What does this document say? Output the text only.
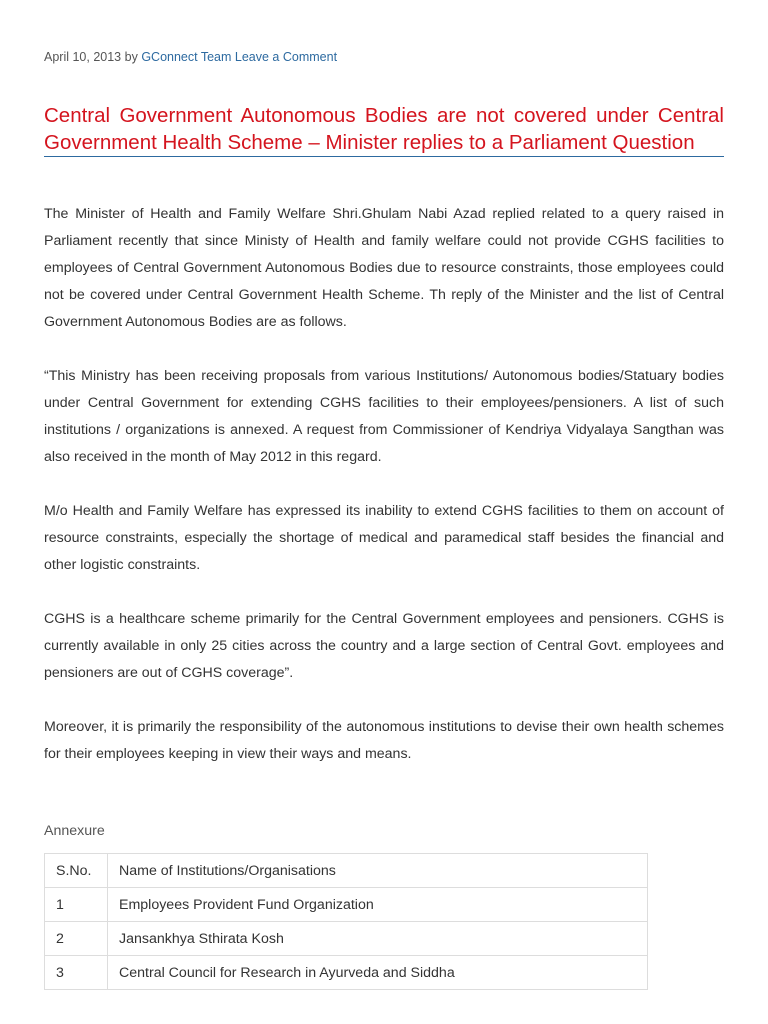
April 10, 2013 by GConnect Team Leave a Comment
Central Government Autonomous Bodies are not covered under Central Government Health Scheme – Minister replies to a Parliament Question

The Minister of Health and Family Welfare Shri.Ghulam Nabi Azad replied related to a query raised in Parliament recently that since Ministy of Health and family welfare could not provide CGHS facilities to employees of Central Government Autonomous Bodies due to resource constraints, those employees could not be covered under Central Government Health Scheme. Th reply of the Minister and the list of Central Government Autonomous Bodies are as follows.

“This Ministry has been receiving proposals from various Institutions/ Autonomous bodies/Statuary bodies under Central Government for extending CGHS facilities to their employees/pensioners. A list of such institutions / organizations is annexed. A request from Commissioner of Kendriya Vidyalaya Sangthan was also received in the month of May 2012 in this regard.

M/o Health and Family Welfare has expressed its inability to extend CGHS facilities to them on account of resource constraints, especially the shortage of medical and paramedical staff besides the financial and other logistic constraints.

CGHS is a healthcare scheme primarily for the Central Government employees and pensioners. CGHS is currently available in only 25 cities across the country and a large section of Central Govt. employees and pensioners are out of CGHS coverage”.

Moreover, it is primarily the responsibility of the autonomous institutions to devise their own health schemes for their employees keeping in view their ways and means.

Annexure
S.No.	Name of Institutions/Organisations
1	Employees Provident Fund Organization
2	Jansankhya Sthirata Kosh
3	Central Council for Research in Ayurveda and Siddha
